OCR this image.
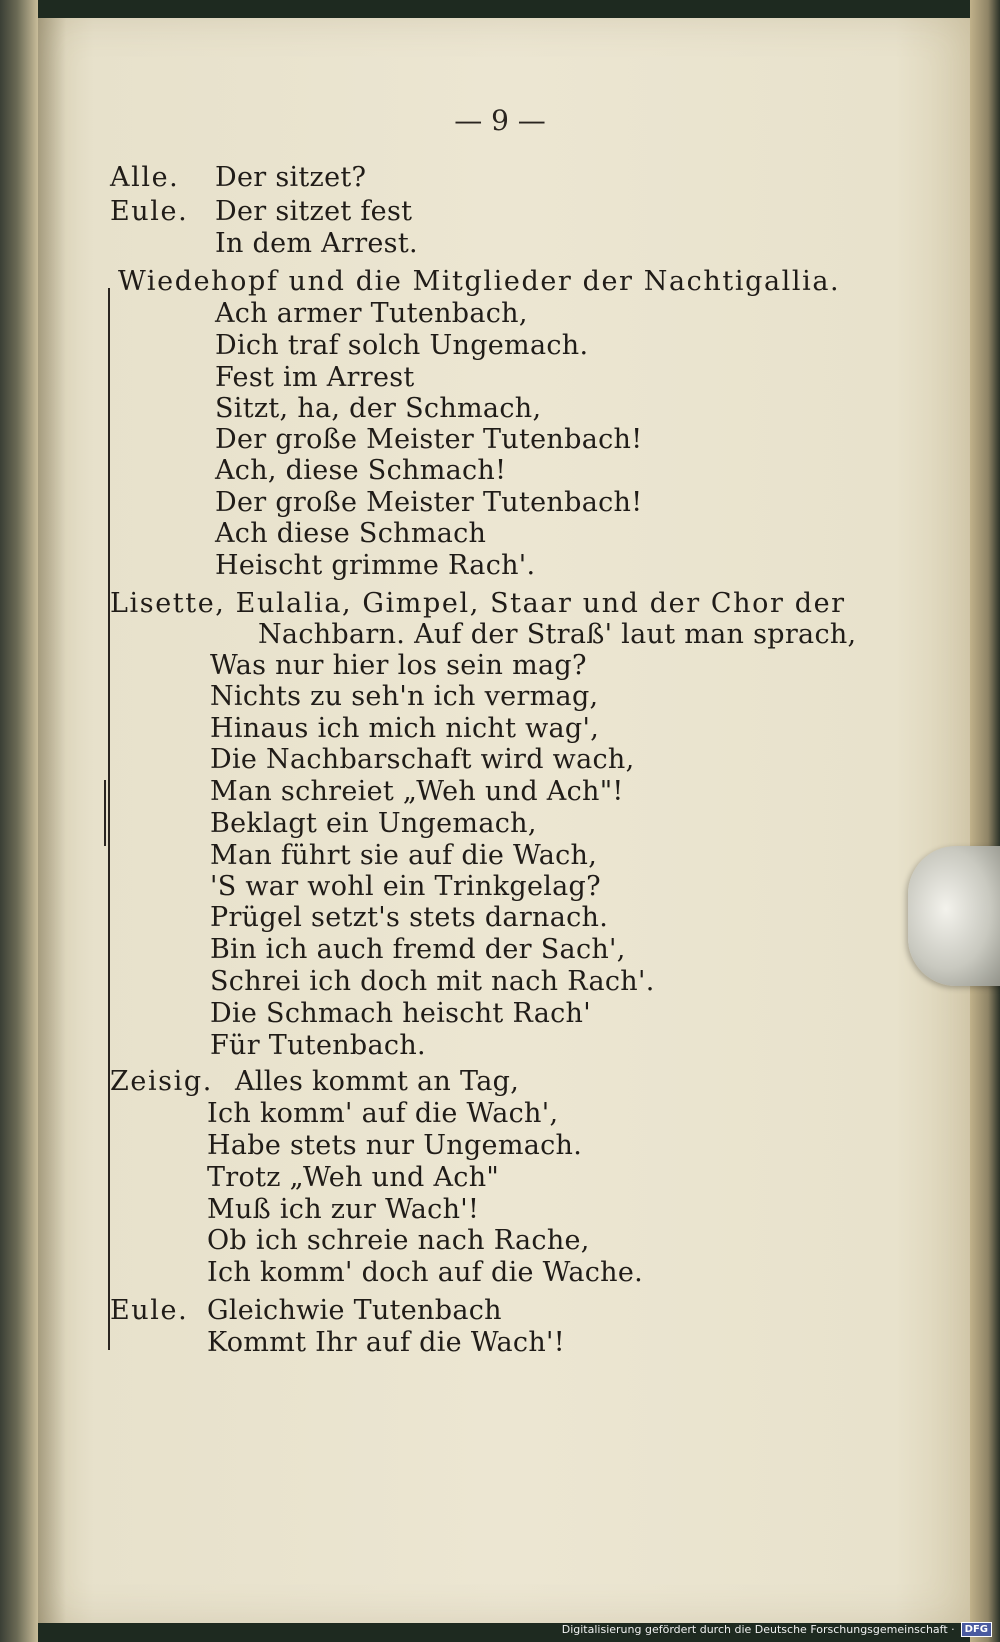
— 9 —
Alle. Der sitzet?
Eule. Der sitzet fest
In dem Arrest.
Wiedehopf und die Mitglieder der Nachtigallia.
Ach armer Tutenbach,
Dich traf solch Ungemach.
Fest im Arrest
Sitzt, ha, der Schmach,
Der große Meister Tutenbach!
Ach, diese Schmach!
Der große Meister Tutenbach!
Ach diese Schmach
Heischt grimme Rach'.
Lisette, Eulalia, Gimpel, Staar und der Chor der
Nachbarn. Auf der Straß' laut man sprach,
Was nur hier los sein mag?
Nichts zu seh'n ich vermag,
Hinaus ich mich nicht wag',
Die Nachbarschaft wird wach,
Man schreiet „Weh und Ach"!
Beklagt ein Ungemach,
Man führt sie auf die Wach,
'S war wohl ein Trinkgelag?
Prügel setzt's stets darnach.
Bin ich auch fremd der Sach',
Schrei ich doch mit nach Rach'.
Die Schmach heischt Rach'
Für Tutenbach.
Zeisig. Alles kommt an Tag,
Ich komm' auf die Wach',
Habe stets nur Ungemach.
Trotz „Weh und Ach"
Muß ich zur Wach'!
Ob ich schreie nach Rache,
Ich komm' doch auf die Wache.
Eule. Gleichwie Tutenbach
Kommt Ihr auf die Wach'!
Digitalisierung gefördert durch die Deutsche Forschungsgemeinschaft ·	DFG
